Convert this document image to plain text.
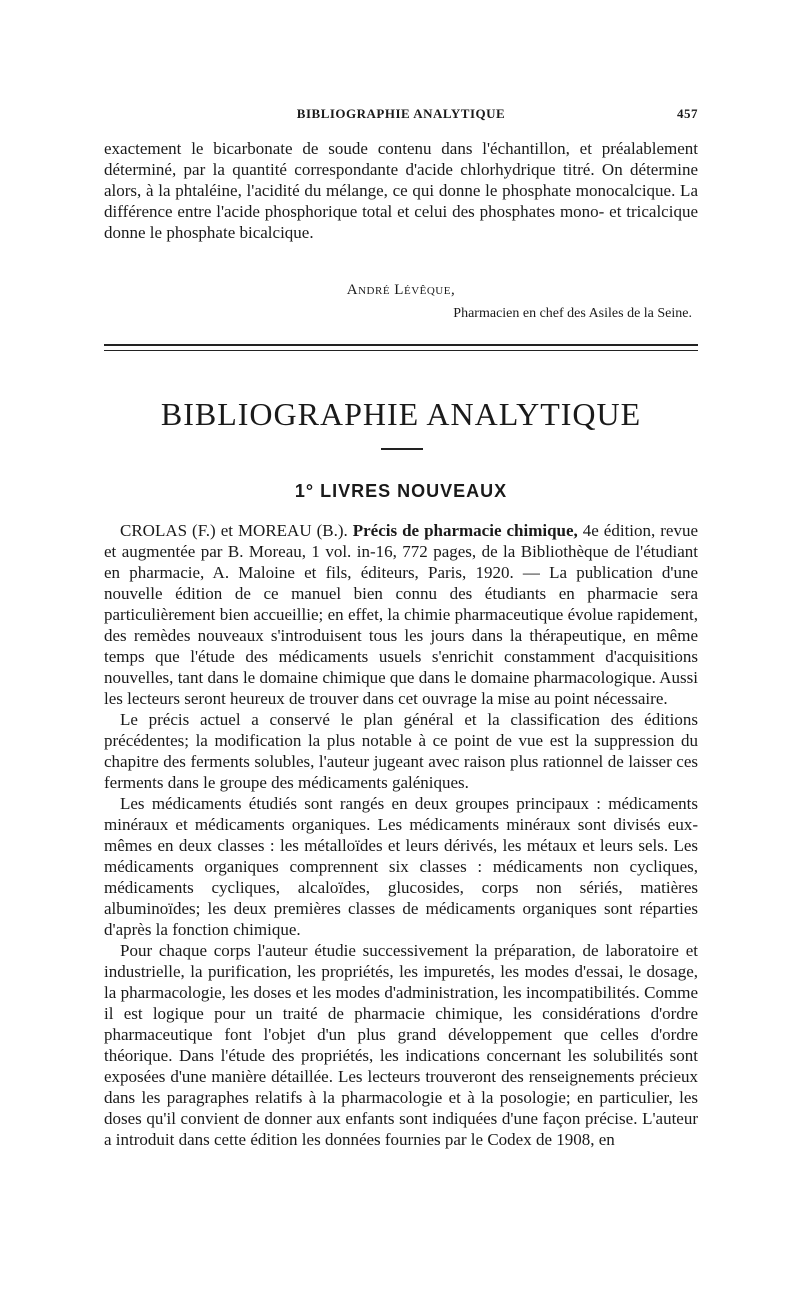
BIBLIOGRAPHIE ANALYTIQUE	457

exactement le bicarbonate de soude contenu dans l'échantillon, et préalablement déterminé, par la quantité correspondante d'acide chlorhydrique titré. On détermine alors, à la phtaléine, l'acidité du mélange, ce qui donne le phosphate monocalcique. La différence entre l'acide phosphorique total et celui des phosphates mono- et tricalcique donne le phosphate bicalcique.

André Lévêque,
Pharmacien en chef des Asiles de la Seine.
BIBLIOGRAPHIE ANALYTIQUE
1° LIVRES NOUVEAUX

CROLAS (F.) et MOREAU (B.). Précis de pharmacie chimique, 4e édition, revue et augmentée par B. Moreau, 1 vol. in-16, 772 pages, de la Bibliothèque de l'étudiant en pharmacie, A. Maloine et fils, éditeurs, Paris, 1920. — La publication d'une nouvelle édition de ce manuel bien connu des étudiants en pharmacie sera particulièrement bien accueillie; en effet, la chimie pharmaceutique évolue rapidement, des remèdes nouveaux s'introduisent tous les jours dans la thérapeutique, en même temps que l'étude des médicaments usuels s'enrichit constamment d'acquisitions nouvelles, tant dans le domaine chimique que dans le domaine pharmacologique. Aussi les lecteurs seront heureux de trouver dans cet ouvrage la mise au point nécessaire.

Le précis actuel a conservé le plan général et la classification des éditions précédentes; la modification la plus notable à ce point de vue est la suppression du chapitre des ferments solubles, l'auteur jugeant avec raison plus rationnel de laisser ces ferments dans le groupe des médicaments galéniques.

Les médicaments étudiés sont rangés en deux groupes principaux : médicaments minéraux et médicaments organiques. Les médicaments minéraux sont divisés eux-mêmes en deux classes : les métalloïdes et leurs dérivés, les métaux et leurs sels. Les médicaments organiques comprennent six classes : médicaments non cycliques, médicaments cycliques, alcaloïdes, glucosides, corps non sériés, matières albuminoïdes; les deux premières classes de médicaments organiques sont réparties d'après la fonction chimique.

Pour chaque corps l'auteur étudie successivement la préparation, de laboratoire et industrielle, la purification, les propriétés, les impuretés, les modes d'essai, le dosage, la pharmacologie, les doses et les modes d'administration, les incompatibilités. Comme il est logique pour un traité de pharmacie chimique, les considérations d'ordre pharmaceutique font l'objet d'un plus grand développement que celles d'ordre théorique. Dans l'étude des propriétés, les indications concernant les solubilités sont exposées d'une manière détaillée. Les lecteurs trouveront des renseignements précieux dans les paragraphes relatifs à la pharmacologie et à la posologie; en particulier, les doses qu'il convient de donner aux enfants sont indiquées d'une façon précise. L'auteur a introduit dans cette édition les données fournies par le Codex de 1908, en
